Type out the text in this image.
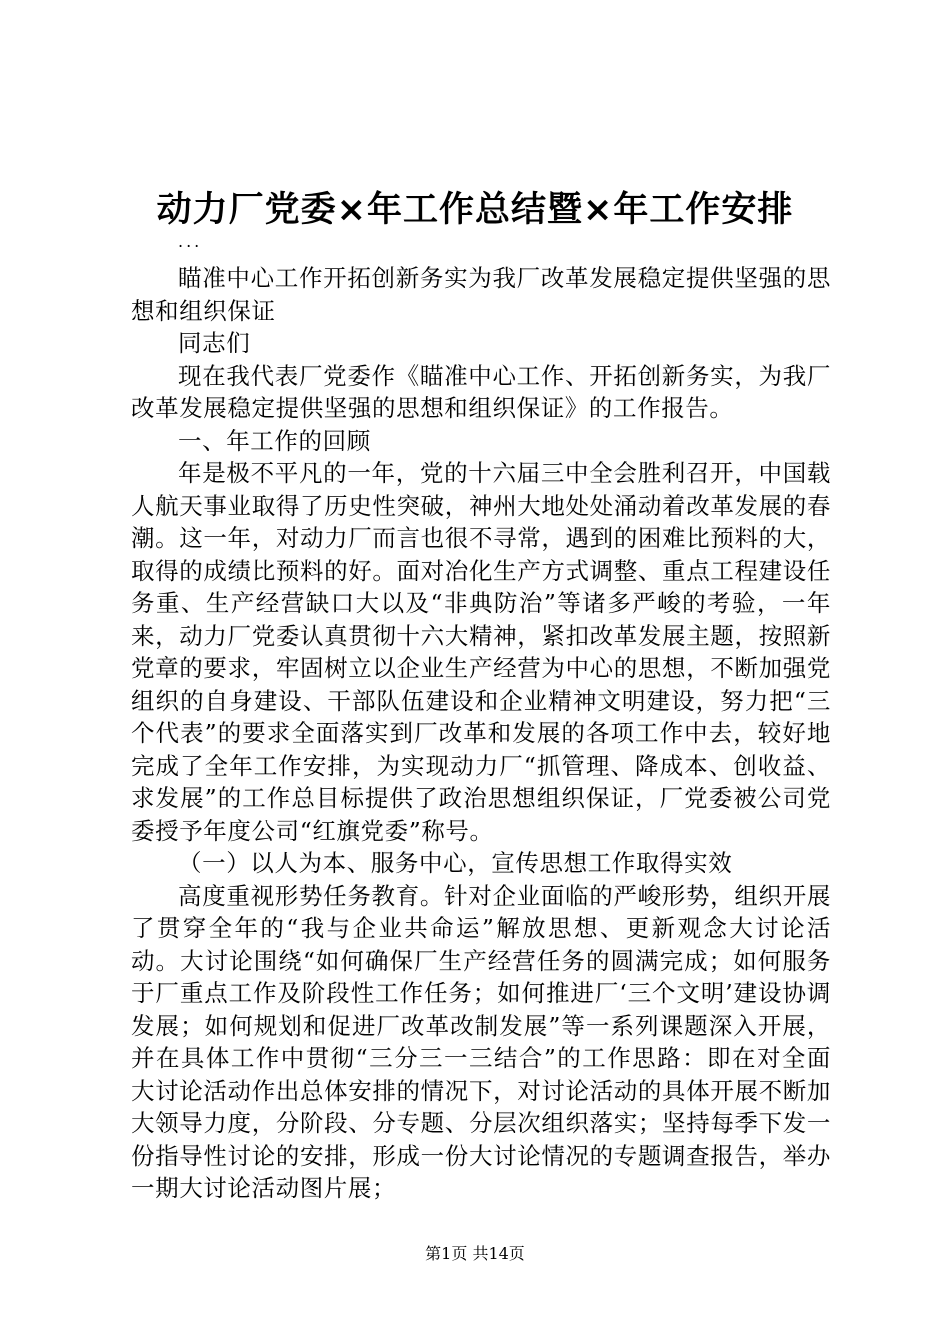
动力厂党委×年工作总结暨×年工作安排
...

瞄准中心工作开拓创新务实为我厂改革发展稳定提供坚强的思想和组织保证

同志们

现在我代表厂党委作《瞄准中心工作、开拓创新务实，为我厂改革发展稳定提供坚强的思想和组织保证》的工作报告。

一、年工作的回顾

年是极不平凡的一年，党的十六届三中全会胜利召开，中国载人航天事业取得了历史性突破，神州大地处处涌动着改革发展的春潮。这一年，对动力厂而言也很不寻常，遇到的困难比预料的大，取得的成绩比预料的好。面对冶化生产方式调整、重点工程建设任务重、生产经营缺口大以及“非典防治”等诸多严峻的考验，一年来，动力厂党委认真贯彻十六大精神，紧扣改革发展主题，按照新党章的要求，牢固树立以企业生产经营为中心的思想，不断加强党组织的自身建设、干部队伍建设和企业精神文明建设，努力把“三个代表”的要求全面落实到厂改革和发展的各项工作中去，较好地完成了全年工作安排，为实现动力厂“抓管理、降成本、创收益、求发展”的工作总目标提供了政治思想组织保证，厂党委被公司党委授予年度公司“红旗党委”称号。

（一）以人为本、服务中心，宣传思想工作取得实效

高度重视形势任务教育。针对企业面临的严峻形势，组织开展了贯穿全年的“我与企业共命运”解放思想、更新观念大讨论活动。大讨论围绕“如何确保厂生产经营任务的圆满完成；如何服务于厂重点工作及阶段性工作任务；如何推进厂‘三个文明’建设协调发展；如何规划和促进厂改革改制发展”等一系列课题深入开展，并在具体工作中贯彻“三分三一三结合”的工作思路：即在对全面大讨论活动作出总体安排的情况下，对讨论活动的具体开展不断加大领导力度，分阶段、分专题、分层次组织落实；坚持每季下发一份指导性讨论的安排，形成一份大讨论情况的专题调查报告，举办一期大讨论活动图片展；

第1页 共14页
